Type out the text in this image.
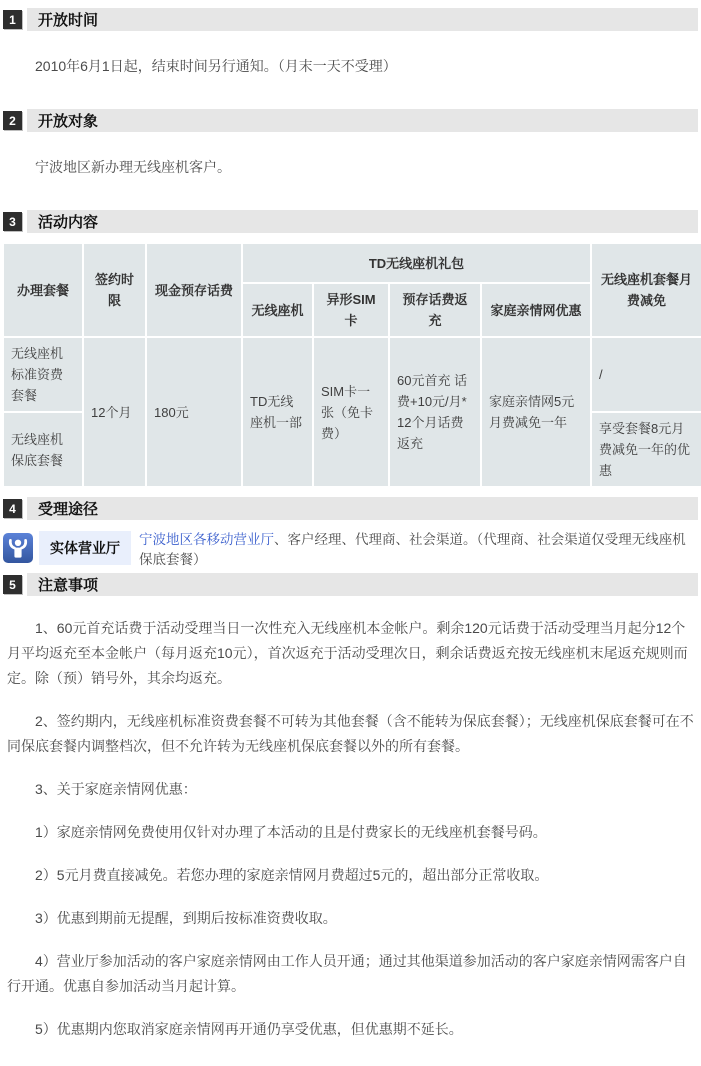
1	开放时间

2010年6月1日起，结束时间另行通知。（月末一天不受理）

2	开放对象

宁波地区新办理无线座机客户。

3	活动内容
办理套餐	签约时限	现金预存话费	TD无线座机礼包				无线座机套餐月费减免
			无线座机	异形SIM卡	预存话费返充	家庭亲情网优惠	
无线座机标准资费套餐	12个月	180元	TD无线座机一部	SIM卡一张（免卡费）	60元首充 话费+10元/月*12个月话费返充	家庭亲情网5元月费减免一年	/
无线座机保底套餐							享受套餐8元月费减免一年的优惠
4	受理途径
实体营业厅
宁波地区各移动营业厅、客户经理、代理商、社会渠道。（代理商、社会渠道仅受理无线座机保底套餐）
5	注意事项

1、60元首充话费于活动受理当日一次性充入无线座机本金帐户。剩余120元话费于活动受理当月起分12个月平均返充至本金帐户（每月返充10元），首次返充于活动受理次日，剩余话费返充按无线座机末尾返充规则而定。除（预）销号外，其余均返充。

2、签约期内，无线座机标准资费套餐不可转为其他套餐（含不能转为保底套餐）；无线座机保底套餐可在不同保底套餐内调整档次，但不允许转为无线座机保底套餐以外的所有套餐。

3、关于家庭亲情网优惠：

1）家庭亲情网免费使用仅针对办理了本活动的且是付费家长的无线座机套餐号码。

2）5元月费直接减免。若您办理的家庭亲情网月费超过5元的，超出部分正常收取。

3）优惠到期前无提醒，到期后按标准资费收取。

4）营业厅参加活动的客户家庭亲情网由工作人员开通；通过其他渠道参加活动的客户家庭亲情网需客户自行开通。优惠自参加活动当月起计算。

5）优惠期内您取消家庭亲情网再开通仍享受优惠，但优惠期不延长。
